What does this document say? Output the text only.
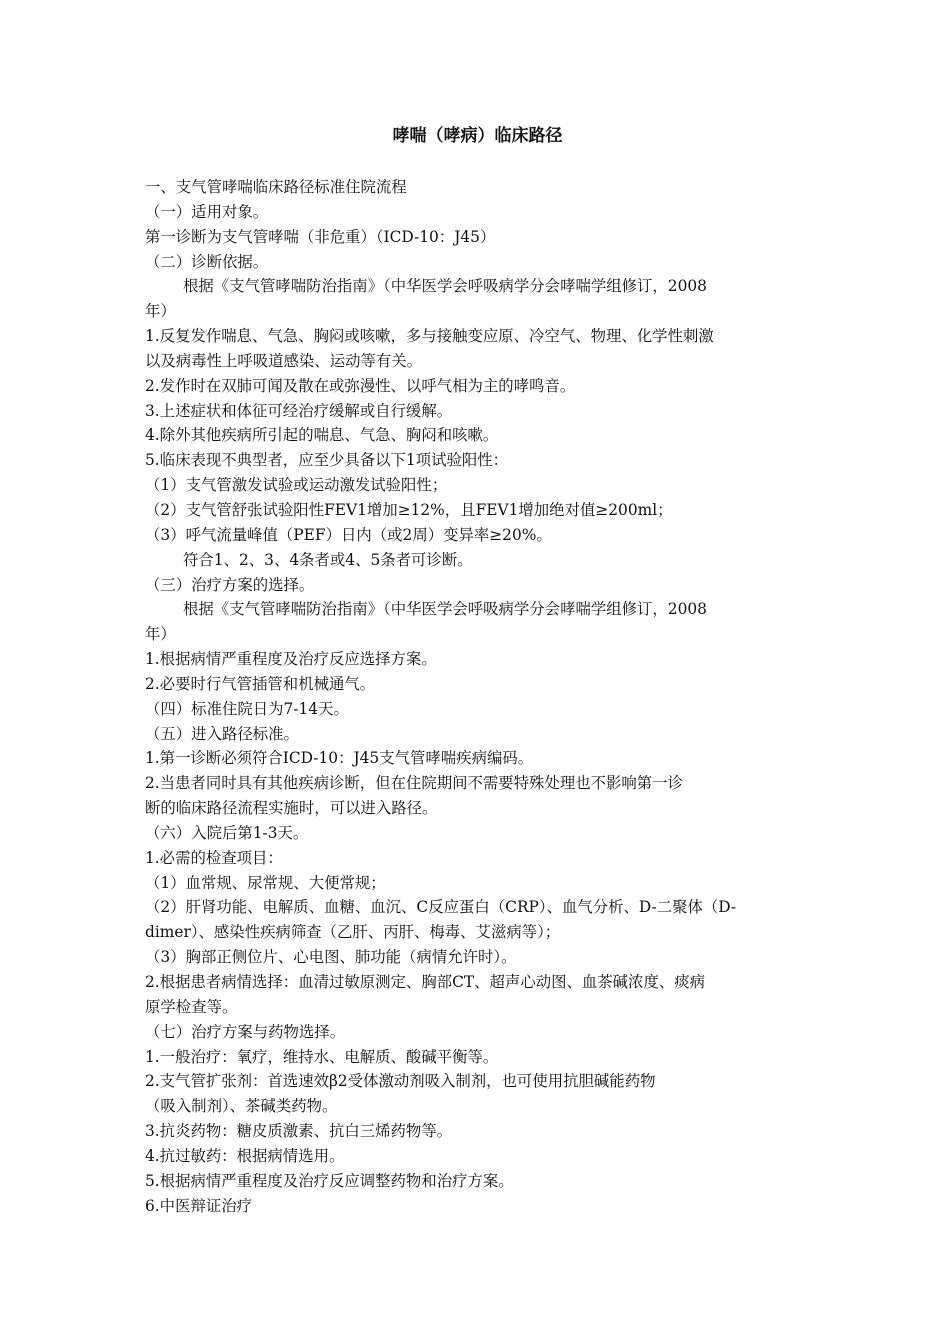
哮喘（哮病）临床路径
一、支气管哮喘临床路径标准住院流程
（一）适用对象。
第一诊断为支气管哮喘（非危重）（ICD-10：J45）
（二）诊断依据。
根据《支气管哮喘防治指南》（中华医学会呼吸病学分会哮喘学组修订，2008
年）
1.反复发作喘息、气急、胸闷或咳嗽，多与接触变应原、冷空气、物理、化学性刺激
以及病毒性上呼吸道感染、运动等有关。
2.发作时在双肺可闻及散在或弥漫性、以呼气相为主的哮鸣音。
3.上述症状和体征可经治疗缓解或自行缓解。
4.除外其他疾病所引起的喘息、气急、胸闷和咳嗽。
5.临床表现不典型者，应至少具备以下1项试验阳性：
（1）支气管激发试验或运动激发试验阳性；
（2）支气管舒张试验阳性FEV1增加≥12%，且FEV1增加绝对值≥200ml；
（3）呼气流量峰值（PEF）日内（或2周）变异率≥20%。
符合1、2、3、4条者或4、5条者可诊断。
（三）治疗方案的选择。
根据《支气管哮喘防治指南》（中华医学会呼吸病学分会哮喘学组修订，2008
年）
1.根据病情严重程度及治疗反应选择方案。
2.必要时行气管插管和机械通气。
（四）标准住院日为7-14天。
（五）进入路径标准。
1.第一诊断必须符合ICD-10：J45支气管哮喘疾病编码。
2.当患者同时具有其他疾病诊断，但在住院期间不需要特殊处理也不影响第一诊
断的临床路径流程实施时，可以进入路径。
（六）入院后第1-3天。
1.必需的检查项目：
（1）血常规、尿常规、大便常规；
（2）肝肾功能、电解质、血糖、血沉、C反应蛋白（CRP）、血气分析、D-二聚体（D-
dimer）、感染性疾病筛查（乙肝、丙肝、梅毒、艾滋病等）；
（3）胸部正侧位片、心电图、肺功能（病情允许时）。
2.根据患者病情选择：血清过敏原测定、胸部CT、超声心动图、血茶碱浓度、痰病
原学检查等。
（七）治疗方案与药物选择。
1.一般治疗：氧疗，维持水、电解质、酸碱平衡等。
2.支气管扩张剂：首选速效β2受体激动剂吸入制剂，也可使用抗胆碱能药物
（吸入制剂）、茶碱类药物。
3.抗炎药物：糖皮质激素、抗白三烯药物等。
4.抗过敏药：根据病情选用。
5.根据病情严重程度及治疗反应调整药物和治疗方案。
6.中医辩证治疗
